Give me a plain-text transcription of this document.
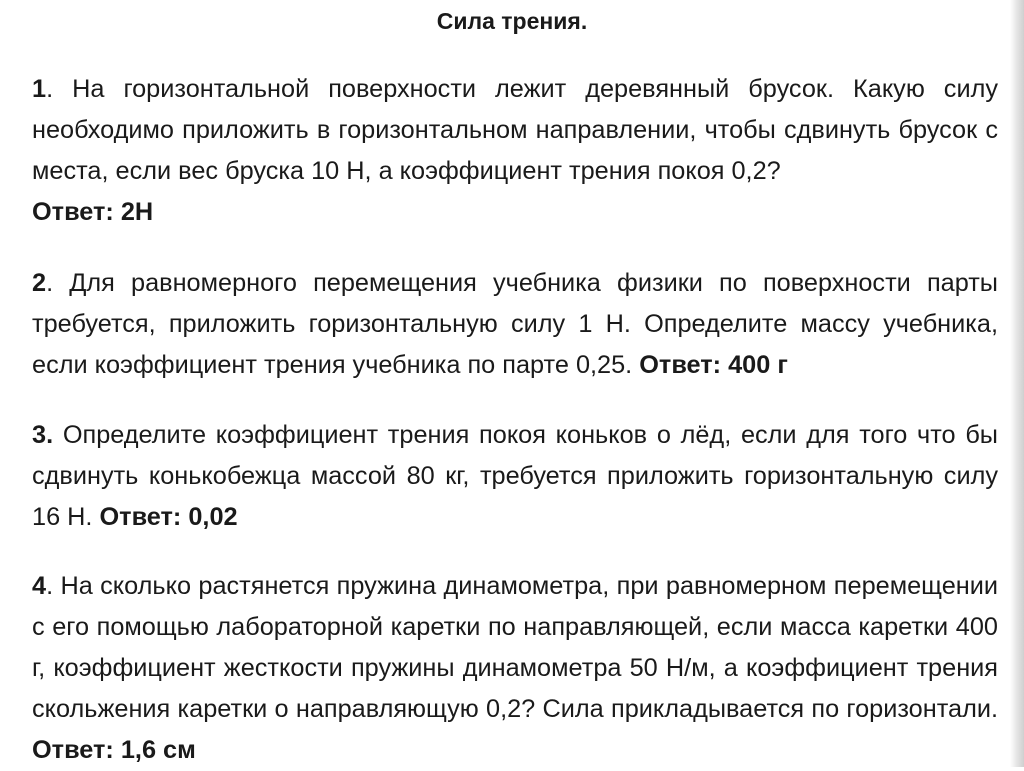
Сила трения.

1. На горизонтальной поверхности лежит деревянный брусок. Какую силу необходимо приложить в горизонтальном направлении, чтобы сдвинуть брусок с места, если вес бруска 10 Н, а коэффициент трения покоя 0,2?
Ответ: 2Н

2. Для равномерного перемещения учебника физики по поверхности парты требуется, приложить горизонтальную силу 1 Н. Определите массу учебника, если коэффициент трения учебника по парте 0,25. Ответ: 400 г

3. Определите коэффициент трения покоя коньков о лёд, если для того что бы сдвинуть конькобежца массой 80 кг, требуется приложить горизонтальную силу 16 Н. Ответ: 0,02

4. На сколько растянется пружина динамометра, при равномерном перемещении с его помощью лабораторной каретки по направляющей, если масса каретки 400 г, коэффициент жесткости пружины динамометра 50 Н/м, а коэффициент трения скольжения каретки о направляющую 0,2? Сила прикладывается по горизонтали. Ответ: 1,6 см
